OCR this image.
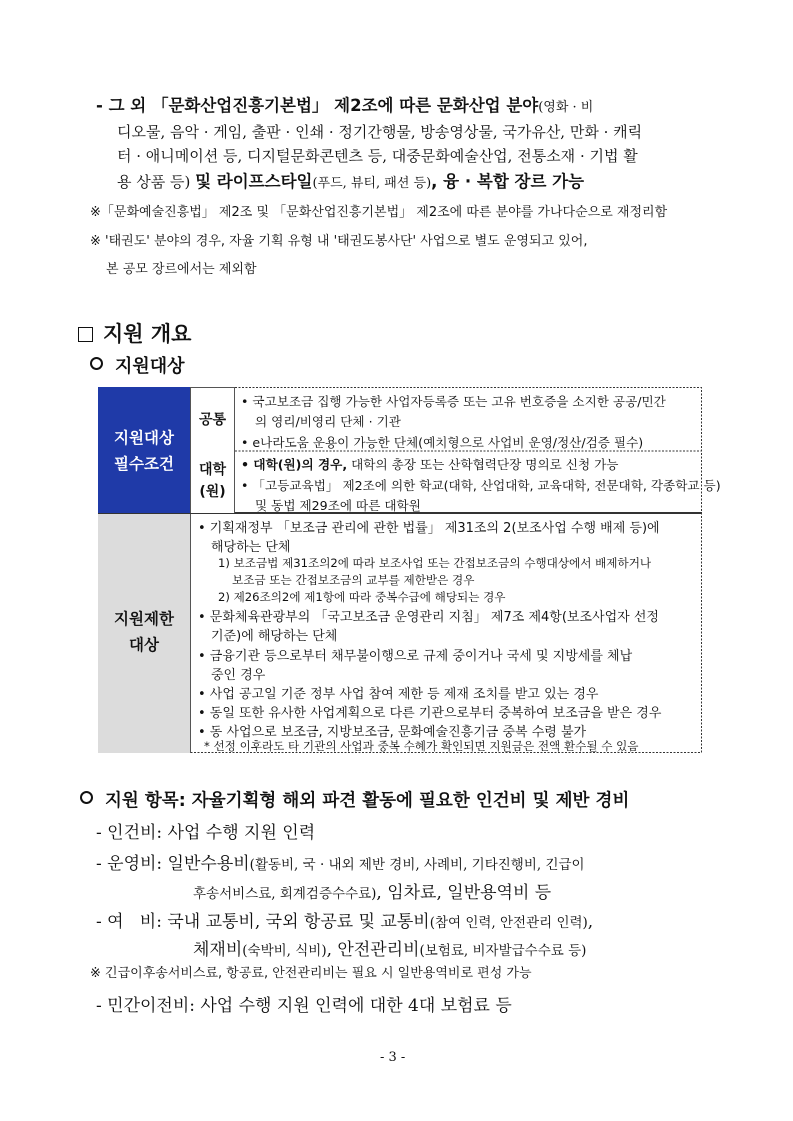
- 그 외 「문화산업진흥기본법」 제2조에 따른 문화산업 분야(영화 · 비
디오물, 음악 · 게임, 출판 · 인쇄 · 정기간행물, 방송영상물, 국가유산, 만화 · 캐릭
터 · 애니메이션 등, 디지털문화콘텐츠 등, 대중문화예술산업, 전통소재 · 기법 활
용 상품 등) 및 라이프스타일(푸드, 뷰티, 패션 등), 융 · 복합 장르 가능
※「문화예술진흥법」 제2조 및 「문화산업진흥기본법」 제2조에 따른 분야를 가나다순으로 재정리함
※ '태권도' 분야의 경우, 자율 기획 유형 내 '태권도봉사단' 사업으로 별도 운영되고 있어,
본 공모 장르에서는 제외함
지원 개요
지원대상
지원대상
필수조건
공통
대학
(원)
• 국고보조금 집행 가능한 사업자등록증 또는 고유 번호증을 소지한 공공/민간
의 영리/비영리 단체 · 기관
• e나라도움 운용이 가능한 단체(예치형으로 사업비 운영/정산/검증 필수)
• 대학(원)의 경우, 대학의 총장 또는 산학협력단장 명의로 신청 가능
• 「고등교육법」 제2조에 의한 학교(대학, 산업대학, 교육대학, 전문대학, 각종학교 등)
및 동법 제29조에 따른 대학원
지원제한
대상
• 기획재정부 「보조금 관리에 관한 법률」 제31조의 2(보조사업 수행 배제 등)에
해당하는 단체
1) 보조금법 제31조의2에 따라 보조사업 또는 간접보조금의 수행대상에서 배제하거나
보조금 또는 간접보조금의 교부를 제한받은 경우
2) 제26조의2에 제1항에 따라 중복수급에 해당되는 경우
• 문화체육관광부의 「국고보조금 운영관리 지침」 제7조 제4항(보조사업자 선정
기준)에 해당하는 단체
• 금융기관 등으로부터 채무불이행으로 규제 중이거나 국세 및 지방세를 체납
중인 경우
• 사업 공고일 기준 정부 사업 참여 제한 등 제재 조치를 받고 있는 경우
• 동일 또한 유사한 사업계획으로 다른 기관으로부터 중복하여 보조금을 받은 경우
• 동 사업으로 보조금, 지방보조금, 문화예술진흥기금 중복 수령 불가
* 선정 이후라도 타 기관의 사업과 중복 수혜가 확인되면 지원금은 전액 환수될 수 있음
지원 항목: 자율기획형 해외 파견 활동에 필요한 인건비 및 제반 경비
- 인건비: 사업 수행 지원 인력
- 운영비: 일반수용비(활동비, 국 · 내외 제반 경비, 사례비, 기타진행비, 긴급이
후송서비스료, 회계검증수수료), 임차료, 일반용역비 등
- 여   비: 국내 교통비, 국외 항공료 및 교통비(참여 인력, 안전관리 인력),
체재비(숙박비, 식비), 안전관리비(보험료, 비자발급수수료 등)
※ 긴급이후송서비스료, 항공료, 안전관리비는 필요 시 일반용역비로 편성 가능
- 민간이전비: 사업 수행 지원 인력에 대한 4대 보험료 등
- 3 -
